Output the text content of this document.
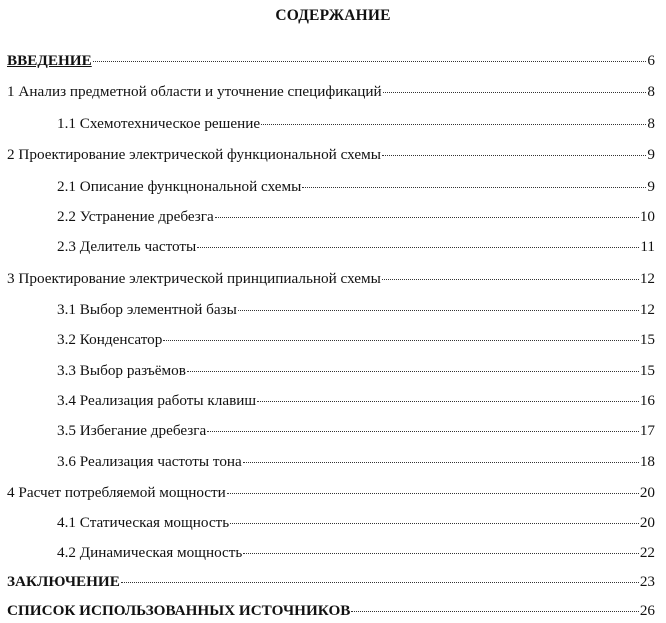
СОДЕРЖАНИЕ
ВВЕДЕНИЕ	6
1 Анализ предметной области и уточнение спецификаций	8
1.1 Схемотехническое решение	8
2 Проектирование электрической функциональной схемы	9
2.1 Описание функцнональной схемы	9
2.2 Устранение дребезга	10
2.3 Делитель частоты	11
3 Проектирование электрической принципиальной схемы	12
3.1 Выбор элементной базы	12
3.2 Конденсатор	15
3.3 Выбор разъёмов	15
3.4 Реализация работы клавиш	16
3.5 Избегание дребезга	17
3.6 Реализация частоты тона	18
4 Расчет потребляемой мощности	20
4.1 Статическая мощность	20
4.2 Динамическая мощность	22
ЗАКЛЮЧЕНИЕ	23
СПИСОК ИСПОЛЬЗОВАННЫХ ИСТОЧНИКОВ	26
